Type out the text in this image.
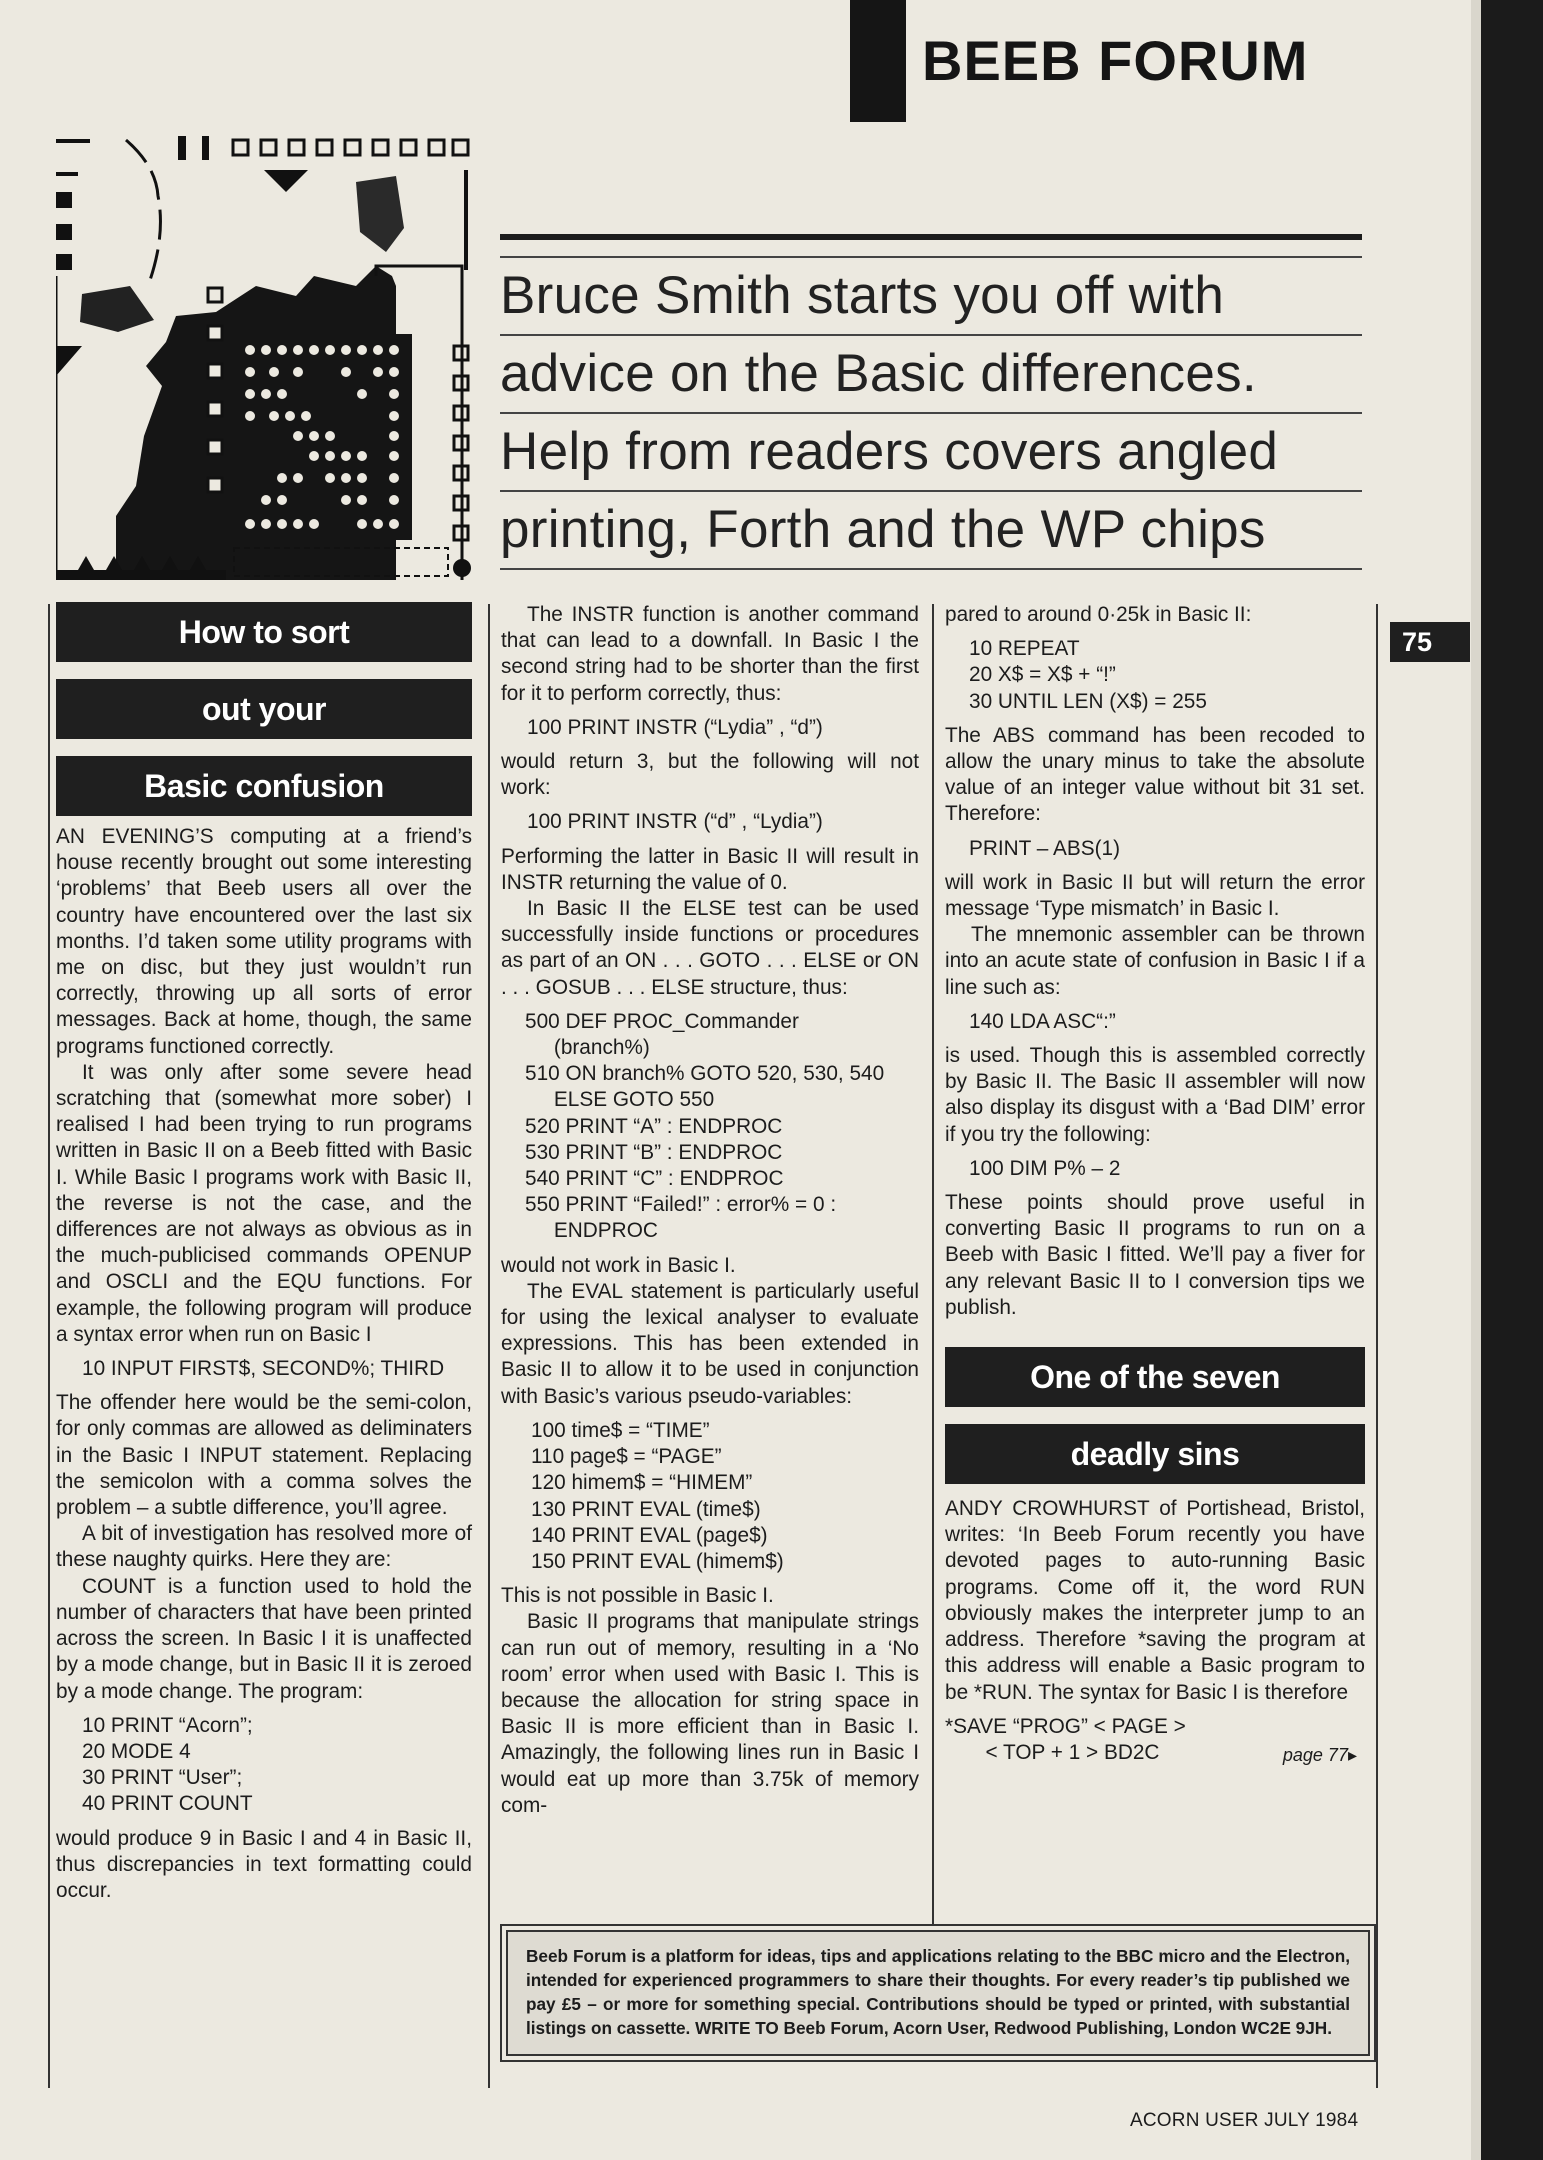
BEEB FORUM
Bruce Smith starts you off with
advice on the Basic differences.
Help from readers covers angled
printing, Forth and the WP chips
75
How to sort
out your
Basic confusion

AN EVENING’S computing at a friend’s house recently brought out some interesting ‘problems’ that Beeb users all over the country have encountered over the last six months. I’d taken some utility programs with me on disc, but they just wouldn’t run correctly, throwing up all sorts of error messages. Back at home, though, the same programs functioned correctly.

It was only after some severe head scratching that (somewhat more sober) I realised I had been trying to run programs written in Basic II on a Beeb fitted with Basic I. While Basic I programs work with Basic II, the reverse is not the case, and the differences are not always as obvious as in the much-publicised commands OPENUP and OSCLI and the EQU functions. For example, the following program will produce a syntax error when run on Basic I

10 INPUT FIRST$, SECOND%; THIRD

The offender here would be the semi-colon, for only commas are allowed as deliminaters in the Basic I INPUT statement. Replacing the semicolon with a comma solves the problem – a subtle difference, you’ll agree.

A bit of investigation has resolved more of these naughty quirks. Here they are:

COUNT is a function used to hold the number of characters that have been printed across the screen. In Basic I it is unaffected by a mode change, but in Basic II it is zeroed by a mode change. The program:

10 PRINT “Acorn”;
20 MODE 4
30 PRINT “User”;
40 PRINT COUNT

would produce 9 in Basic I and 4 in Basic II, thus discrepancies in text formatting could occur.

The INSTR function is another command that can lead to a downfall. In Basic I the second string had to be shorter than the first for it to perform correctly, thus:

100 PRINT INSTR (“Lydia” , “d”)

would return 3, but the following will not work:

100 PRINT INSTR (“d” , “Lydia”)

Performing the latter in Basic II will result in INSTR returning the value of 0.

In Basic II the ELSE test can be used successfully inside functions or procedures as part of an ON . . . GOTO . . . ELSE or ON . . . GOSUB . . . ELSE structure, thus:

500 DEF PROC_Commander
(branch%)
510 ON branch% GOTO 520, 530, 540
ELSE GOTO 550
520 PRINT “A” : ENDPROC
530 PRINT “B” : ENDPROC
540 PRINT “C” : ENDPROC
550 PRINT “Failed!” : error% = 0 :
ENDPROC

would not work in Basic I.

The EVAL statement is particularly useful for using the lexical analyser to evaluate expressions. This has been extended in Basic II to allow it to be used in conjunction with Basic’s various pseudo-variables:

100 time$ = “TIME”
110 page$ = “PAGE”
120 himem$ = “HIMEM”
130 PRINT EVAL (time$)
140 PRINT EVAL (page$)
150 PRINT EVAL (himem$)

This is not possible in Basic I.

Basic II programs that manipulate strings can run out of memory, resulting in a ‘No room’ error when used with Basic I. This is because the allocation for string space in Basic II is more efficient than in Basic I. Amazingly, the following lines run in Basic I would eat up more than 3.75k of memory com-

pared to around 0·25k in Basic II:

10 REPEAT
20 X$ = X$ + “!”
30 UNTIL LEN (X$) = 255

The ABS command has been recoded to allow the unary minus to take the absolute value of an integer value without bit 31 set. Therefore:

PRINT – ABS(1)

will work in Basic II but will return the error message ‘Type mismatch’ in Basic I.

The mnemonic assembler can be thrown into an acute state of confusion in Basic I if a line such as:

140 LDA ASC“:”

is used. Though this is assembled correctly by Basic II. The Basic II assembler will now also display its disgust with a ‘Bad DIM’ error if you try the following:

100 DIM P% – 2

These points should prove useful in converting Basic II programs to run on a Beeb with Basic I fitted. We’ll pay a fiver for any relevant Basic II to I conversion tips we publish.

One of the seven
deadly sins

ANDY CROWHURST of Portishead, Bristol, writes: ‘In Beeb Forum recently you have devoted pages to auto-running Basic programs. Come off it, the word RUN obviously makes the interpreter jump to an address. Therefore *saving the program at this address will enable a Basic program to be *RUN. The syntax for Basic I is therefore

*SAVE “PROG” < PAGE >
< TOP + 1 > BD2C	page 77▸
Beeb Forum is a platform for ideas, tips and applications relating to the BBC micro and the Electron, intended for experienced programmers to share their thoughts. For every reader’s tip published we pay £5 – or more for something special. Contributions should be typed or printed, with substantial listings on cassette. WRITE TO Beeb Forum, Acorn User, Redwood Publishing, London WC2E 9JH.
ACORN USER JULY 1984
